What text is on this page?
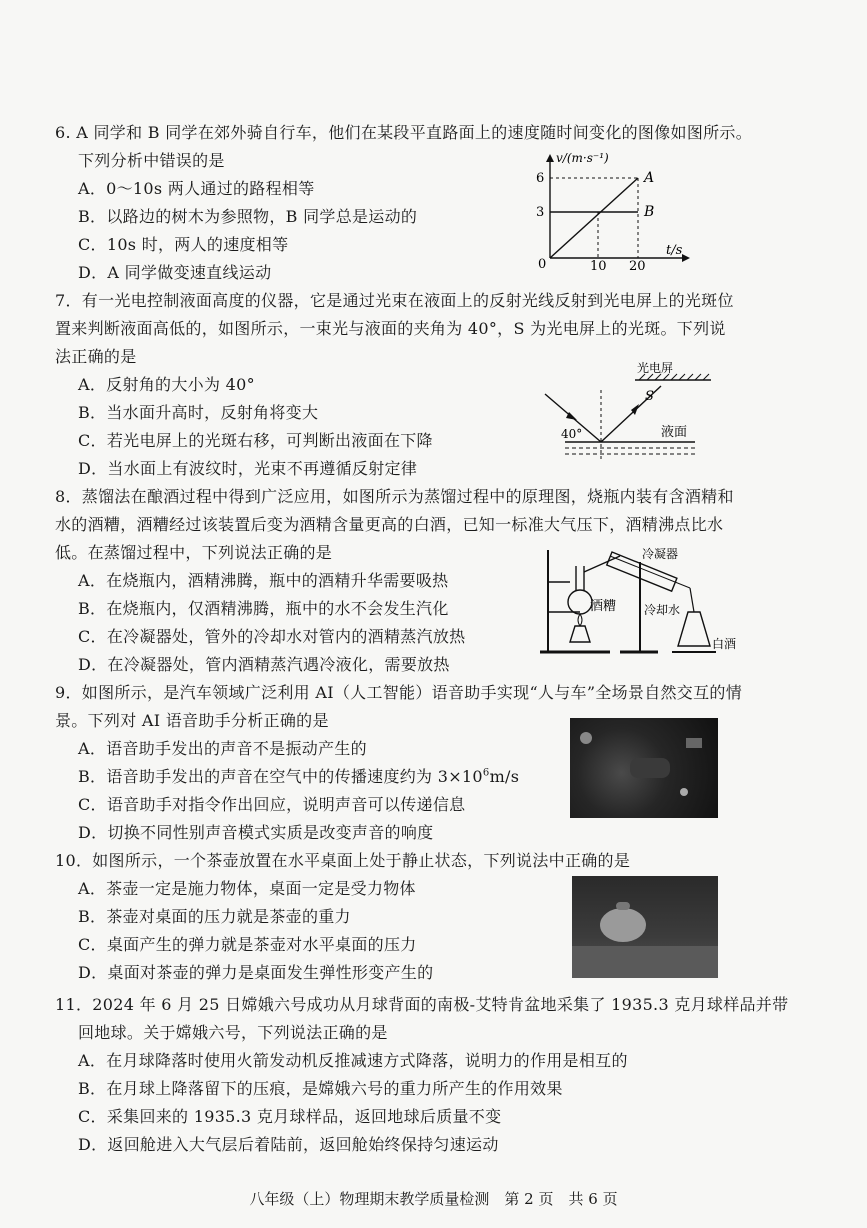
6. A 同学和 B 同学在郊外骑自行车，他们在某段平直路面上的速度随时间变化的图像如图所示。
下列分析中错误的是
A．0～10s 两人通过的路程相等
B．以路边的树木为参照物，B 同学总是运动的
C．10s 时，两人的速度相等
D．A 同学做变速直线运动
v/(m·s⁻¹)
t/s
6
3
0	10 20
A
B
7．有一光电控制液面高度的仪器，它是通过光束在液面上的反射光线反射到光电屏上的光斑位
置来判断液面高低的，如图所示，一束光与液面的夹角为 40°，S 为光电屏上的光斑。下列说
法正确的是
A．反射角的大小为 40°
B．当水面升高时，反射角将变大
C．若光电屏上的光斑右移，可判断出液面在下降
D．当水面上有波纹时，光束不再遵循反射定律
光电屏
S
40°	液面
8．蒸馏法在酿酒过程中得到广泛应用，如图所示为蒸馏过程中的原理图，烧瓶内装有含酒精和
水的酒糟，酒糟经过该装置后变为酒精含量更高的白酒，已知一标准大气压下，酒精沸点比水
低。在蒸馏过程中，下列说法正确的是
A．在烧瓶内，酒精沸腾，瓶中的酒精升华需要吸热
B．在烧瓶内，仅酒精沸腾，瓶中的水不会发生汽化
C．在冷凝器处，管外的冷却水对管内的酒精蒸汽放热
D．在冷凝器处，管内酒精蒸汽遇冷液化，需要放热
冷凝器
酒糟 冷却水
白酒
9．如图所示，是汽车领域广泛利用 AI（人工智能）语音助手实现“人与车”全场景自然交互的情
景。下列对 AI 语音助手分析正确的是
A．语音助手发出的声音不是振动产生的
B．语音助手发出的声音在空气中的传播速度约为 $3\times 10^6m/s$
C．语音助手对指令作出回应，说明声音可以传递信息
D．切换不同性别声音模式实质是改变声音的响度
10．如图所示，一个茶壶放置在水平桌面上处于静止状态，下列说法中正确的是
A．茶壶一定是施力物体，桌面一定是受力物体
B．茶壶对桌面的压力就是茶壶的重力
C．桌面产生的弹力就是茶壶对水平桌面的压力
D．桌面对茶壶的弹力是桌面发生弹性形变产生的
11．2024 年 6 月 25 日嫦娥六号成功从月球背面的南极-艾特肯盆地采集了 1935.3 克月球样品并带
回地球。关于嫦娥六号，下列说法正确的是
A．在月球降落时使用火箭发动机反推减速方式降落，说明力的作用是相互的
B．在月球上降落留下的压痕，是嫦娥六号的重力所产生的作用效果
C．采集回来的 1935.3 克月球样品，返回地球后质量不变
D．返回舱进入大气层后着陆前，返回舱始终保持匀速运动
八年级（上）物理期末教学质量检测　第 2 页　共 6 页
